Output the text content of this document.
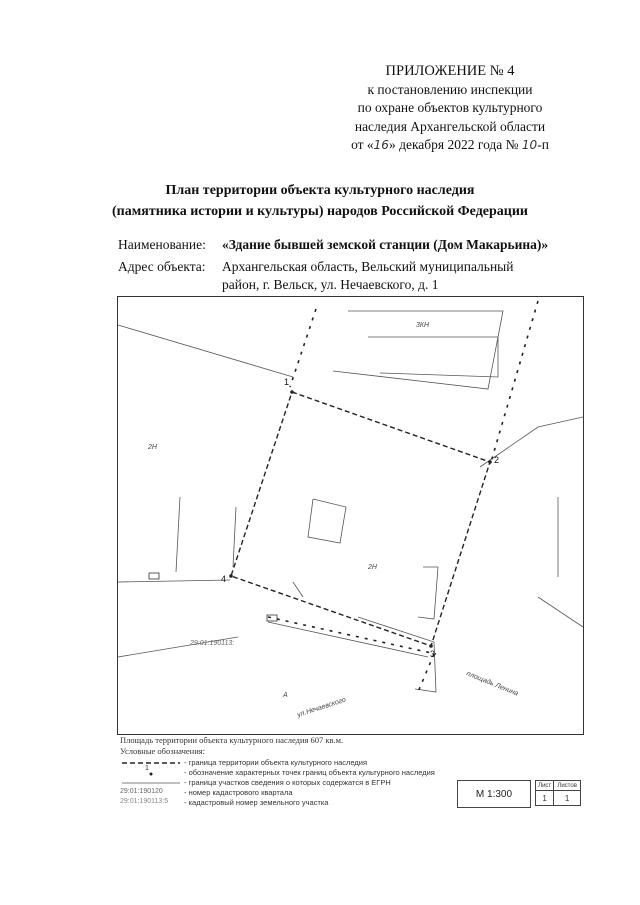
ПРИЛОЖЕНИЕ № 4
к постановлению инспекции
по охране объектов культурного
наследия Архангельской области
от «16» декабря 2022 года № 10-п
План территории объекта культурного наследия
(памятника истории и культуры) народов Российской Федерации
Наименование: «Здание бывшей земской станции (Дом Макарьина)»
Адрес объекта: Архангельская область, Вельский муниципальный
район, г. Вельск, ул. Нечаевского, д. 1
1
2
3
4
3КН
2Н
2Н
29:01:190113:
площадь Ленина
ул.Нечаевского
А
Площадь территории объекта культурного наследия 607 кв.м.
Условные обозначения:
- граница территории объекта культурного наследия
1	- обозначение характерных точек границ объекта культурного наследия
- граница участков сведения о которых содержатся в ЕГРН
29:01:190120	- номер кадастрового квартала
29:01:190113:5	- кадастровый номер земельного участка
М 1:300
Лист	Листов
1	1
